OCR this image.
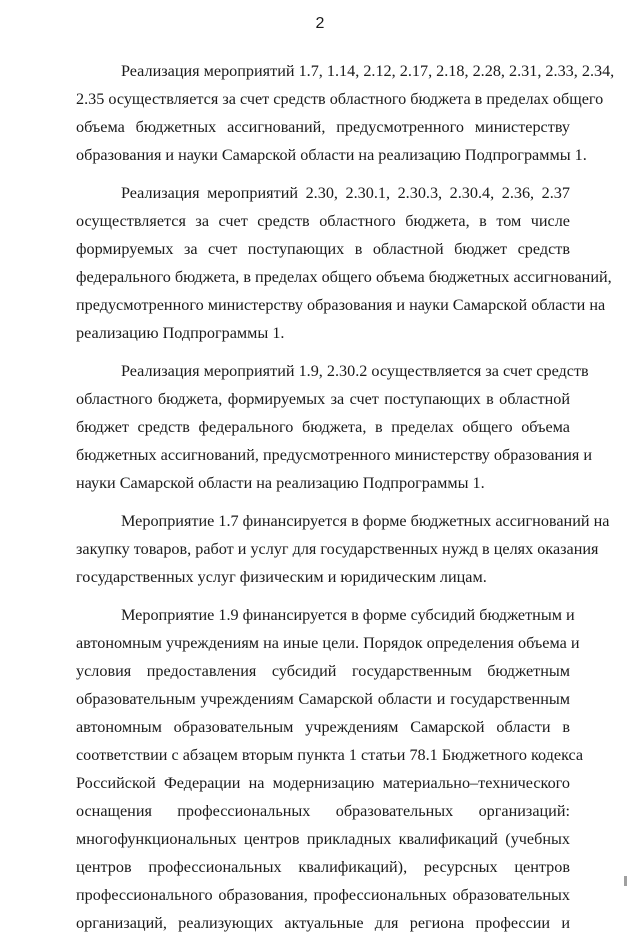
2

Реализация мероприятий 1.7, 1.14, 2.12, 2.17, 2.18, 2.28, 2.31, 2.33, 2.34,
2.35 осуществляется за счет средств областного бюджета в пределах общего
объема бюджетных ассигнований, предусмотренного министерству
образования и науки Самарской области на реализацию Подпрограммы 1.

Реализация мероприятий 2.30, 2.30.1, 2.30.3, 2.30.4, 2.36, 2.37
осуществляется за счет средств областного бюджета, в том числе
формируемых за счет поступающих в областной бюджет средств
федерального бюджета, в пределах общего объема бюджетных ассигнований,
предусмотренного министерству образования и науки Самарской области на
реализацию Подпрограммы 1.

Реализация мероприятий 1.9, 2.30.2 осуществляется за счет средств
областного бюджета, формируемых за счет поступающих в областной
бюджет средств федерального бюджета, в пределах общего объема
бюджетных ассигнований, предусмотренного министерству образования и
науки Самарской области на реализацию Подпрограммы 1.

Мероприятие 1.7 финансируется в форме бюджетных ассигнований на
закупку товаров, работ и услуг для государственных нужд в целях оказания
государственных услуг физическим и юридическим лицам.

Мероприятие 1.9 финансируется в форме субсидий бюджетным и
автономным учреждениям на иные цели. Порядок определения объема и
условия предоставления субсидий государственным бюджетным
образовательным учреждениям Самарской области и государственным
автономным образовательным учреждениям Самарской области в
соответствии с абзацем вторым пункта 1 статьи 78.1 Бюджетного кодекса
Российской Федерации на модернизацию материально–технического
оснащения профессиональных образовательных организаций:
многофункциональных центров прикладных квалификаций (учебных
центров профессиональных квалификаций), ресурсных центров
профессионального образования, профессиональных образовательных
организаций, реализующих актуальные для региона профессии и
